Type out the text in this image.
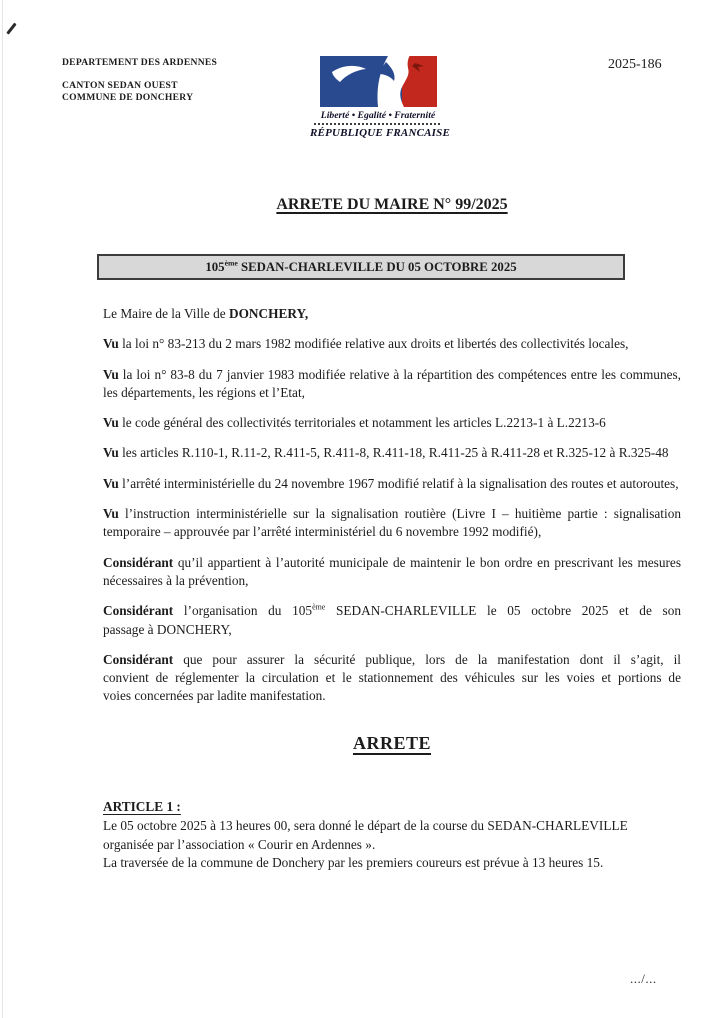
DEPARTEMENT DES ARDENNES
CANTON SEDAN OUEST
COMMUNE DE DONCHERY
Liberté • Egalité • Fraternité
RÉPUBLIQUE FRANCAISE
2025-186
ARRETE DU MAIRE N° 99/2025
105ème SEDAN-CHARLEVILLE DU 05 OCTOBRE 2025

Le Maire de la Ville de DONCHERY,

Vu la loi n° 83-213 du 2 mars 1982 modifiée relative aux droits et libertés des collectivités locales,

Vu la loi n° 83-8 du 7 janvier 1983 modifiée relative à la répartition des compétences entre les communes,
les départements, les régions et l’Etat,

Vu le code général des collectivités territoriales et notamment les articles L.2213-1 à L.2213-6

Vu les articles R.110-1, R.11-2, R.411-5, R.411-8, R.411-18, R.411-25 à R.411-28 et R.325-12 à R.325-48

Vu l’arrêté interministérielle du 24 novembre 1967 modifié relatif à la signalisation des routes et autoroutes,

Vu l’instruction interministérielle sur la signalisation routière (Livre I – huitième partie : signalisation
temporaire – approuvée par l’arrêté interministériel du 6 novembre 1992 modifié),

Considérant qu’il appartient à l’autorité municipale de maintenir le bon ordre en prescrivant les mesures
nécessaires à la prévention,

Considérant l’organisation du 105ème SEDAN-CHARLEVILLE le 05 octobre 2025 et de son
passage à DONCHERY,

Considérant que pour assurer la sécurité publique, lors de la manifestation dont il s’agit, il
convient de réglementer la circulation et le stationnement des véhicules sur les voies et portions de
voies concernées par ladite manifestation.

ARRETE
ARTICLE 1 :
Le 05 octobre 2025 à 13 heures 00, sera donné le départ de la course du SEDAN-CHARLEVILLE
organisée par l’association « Courir en Ardennes ».
La traversée de la commune de Donchery par les premiers coureurs est prévue à 13 heures 15.
.../...
